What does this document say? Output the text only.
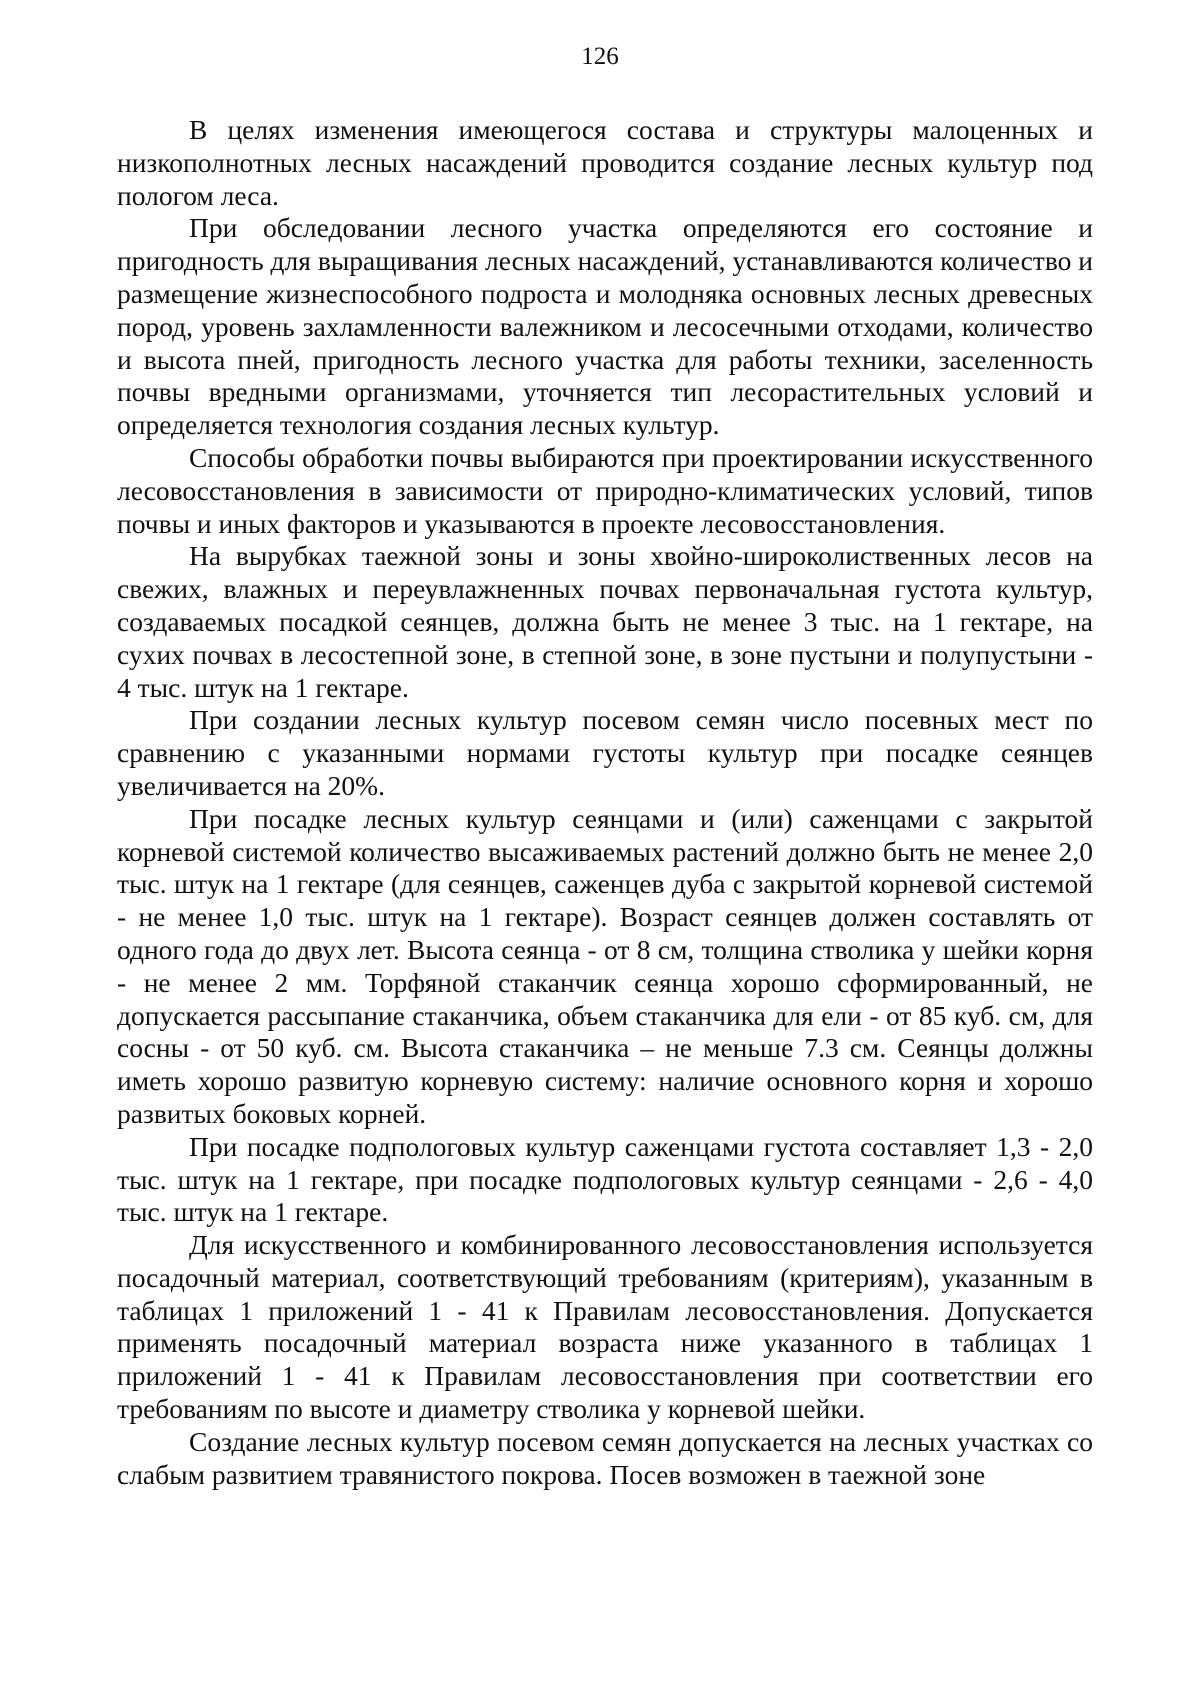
126

В целях изменения имеющегося состава и структуры малоценных и низкополнотных лесных насаждений проводится создание лесных культур под пологом леса.

При обследовании лесного участка определяются его состояние и пригодность для выращивания лесных насаждений, устанавливаются количество и размещение жизнеспособного подроста и молодняка основных лесных древесных пород, уровень захламленности валежником и лесосечными отходами, количество и высота пней, пригодность лесного участка для работы техники, заселенность почвы вредными организмами, уточняется тип лесорастительных условий и определяется технология создания лесных культур.

Способы обработки почвы выбираются при проектировании искусственного лесовосстановления в зависимости от природно-климатических условий, типов почвы и иных факторов и указываются в проекте лесовосстановления.

На вырубках таежной зоны и зоны хвойно-широколиственных лесов на свежих, влажных и переувлажненных почвах первоначальная густота культур, создаваемых посадкой сеянцев, должна быть не менее 3 тыс. на 1 гектаре, на сухих почвах в лесостепной зоне, в степной зоне, в зоне пустыни и полупустыни - 4 тыс. штук на 1 гектаре.

При создании лесных культур посевом семян число посевных мест по сравнению с указанными нормами густоты культур при посадке сеянцев увеличивается на 20%.

При посадке лесных культур сеянцами и (или) саженцами с закрытой корневой системой количество высаживаемых растений должно быть не менее 2,0 тыс. штук на 1 гектаре (для сеянцев, саженцев дуба с закрытой корневой системой - не менее 1,0 тыс. штук на 1 гектаре). Возраст сеянцев должен составлять от одного года до двух лет. Высота сеянца - от 8 см, толщина стволика у шейки корня - не менее 2 мм. Торфяной стаканчик сеянца хорошо сформированный, не допускается рассыпание стаканчика, объем стаканчика для ели - от 85 куб. см, для сосны - от 50 куб. см. Высота стаканчика – не меньше 7.3 см. Сеянцы должны иметь хорошо развитую корневую систему: наличие основного корня и хорошо развитых боковых корней.

При посадке подпологовых культур саженцами густота составляет 1,3 - 2,0 тыс. штук на 1 гектаре, при посадке подпологовых культур сеянцами - 2,6 - 4,0 тыс. штук на 1 гектаре.

Для искусственного и комбинированного лесовосстановления используется посадочный материал, соответствующий требованиям (критериям), указанным в таблицах 1 приложений 1 - 41 к Правилам лесовосстановления. Допускается применять посадочный материал возраста ниже указанного в таблицах 1 приложений 1 - 41 к Правилам лесовосстановления при соответствии его требованиям по высоте и диаметру стволика у корневой шейки.

Создание лесных культур посевом семян допускается на лесных участках со слабым развитием травянистого покрова. Посев возможен в таежной зоне
